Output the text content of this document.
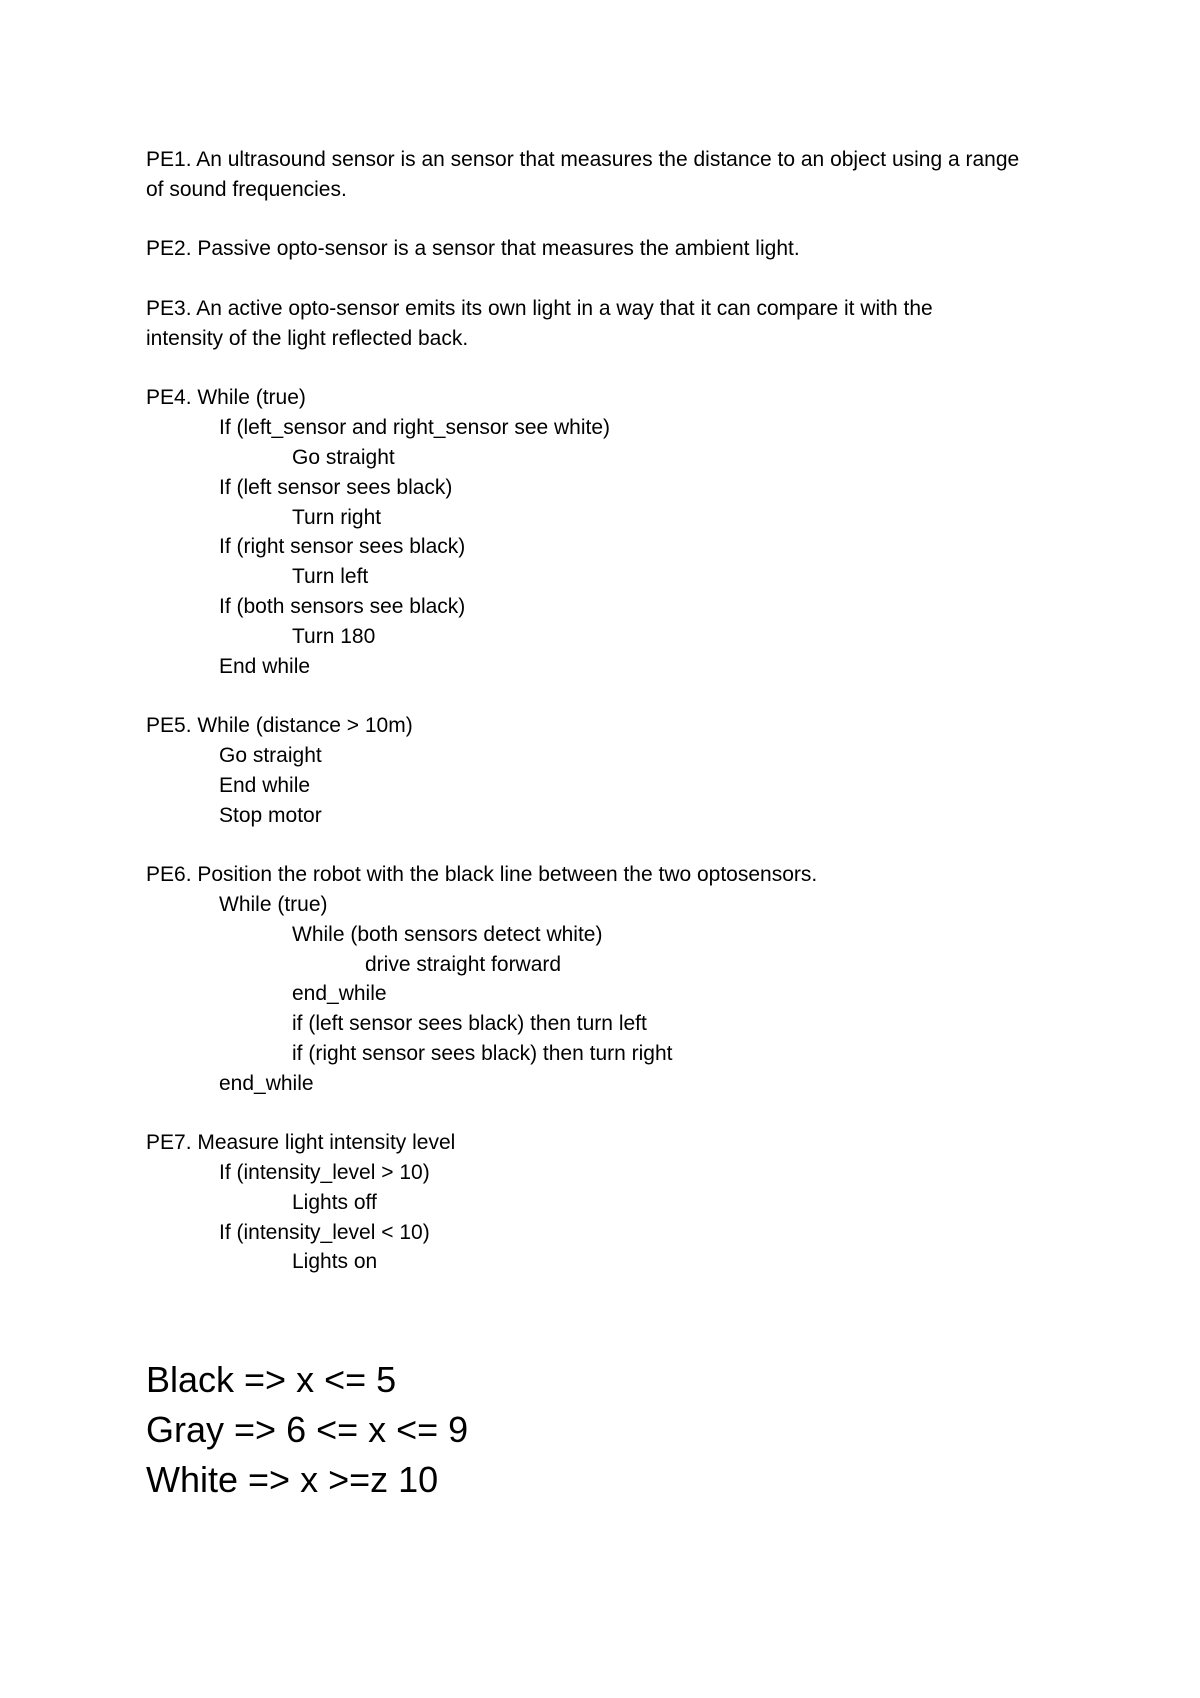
PE1. An ultrasound sensor is an sensor that measures the distance to an object using a range
of sound frequencies.
PE2. Passive opto-sensor is a sensor that measures the ambient light.
PE3. An active opto-sensor emits its own light in a way that it can compare it with the
intensity of the light reflected back.
PE4. While (true)
If (left_sensor and right_sensor see white)
Go straight
If (left sensor sees black)
Turn right
If (right sensor sees black)
Turn left
If (both sensors see black)
Turn 180
End while
PE5. While (distance > 10m)
Go straight
End while
Stop motor
PE6. Position the robot with the black line between the two optosensors.
While (true)
While (both sensors detect white)
drive straight forward
end_while
if (left sensor sees black) then turn left
if (right sensor sees black) then turn right
end_while
PE7. Measure light intensity level
If (intensity_level > 10)
Lights off
If (intensity_level < 10)
Lights on
Black => x <= 5
Gray => 6 <= x <= 9
White => x >=z 10
